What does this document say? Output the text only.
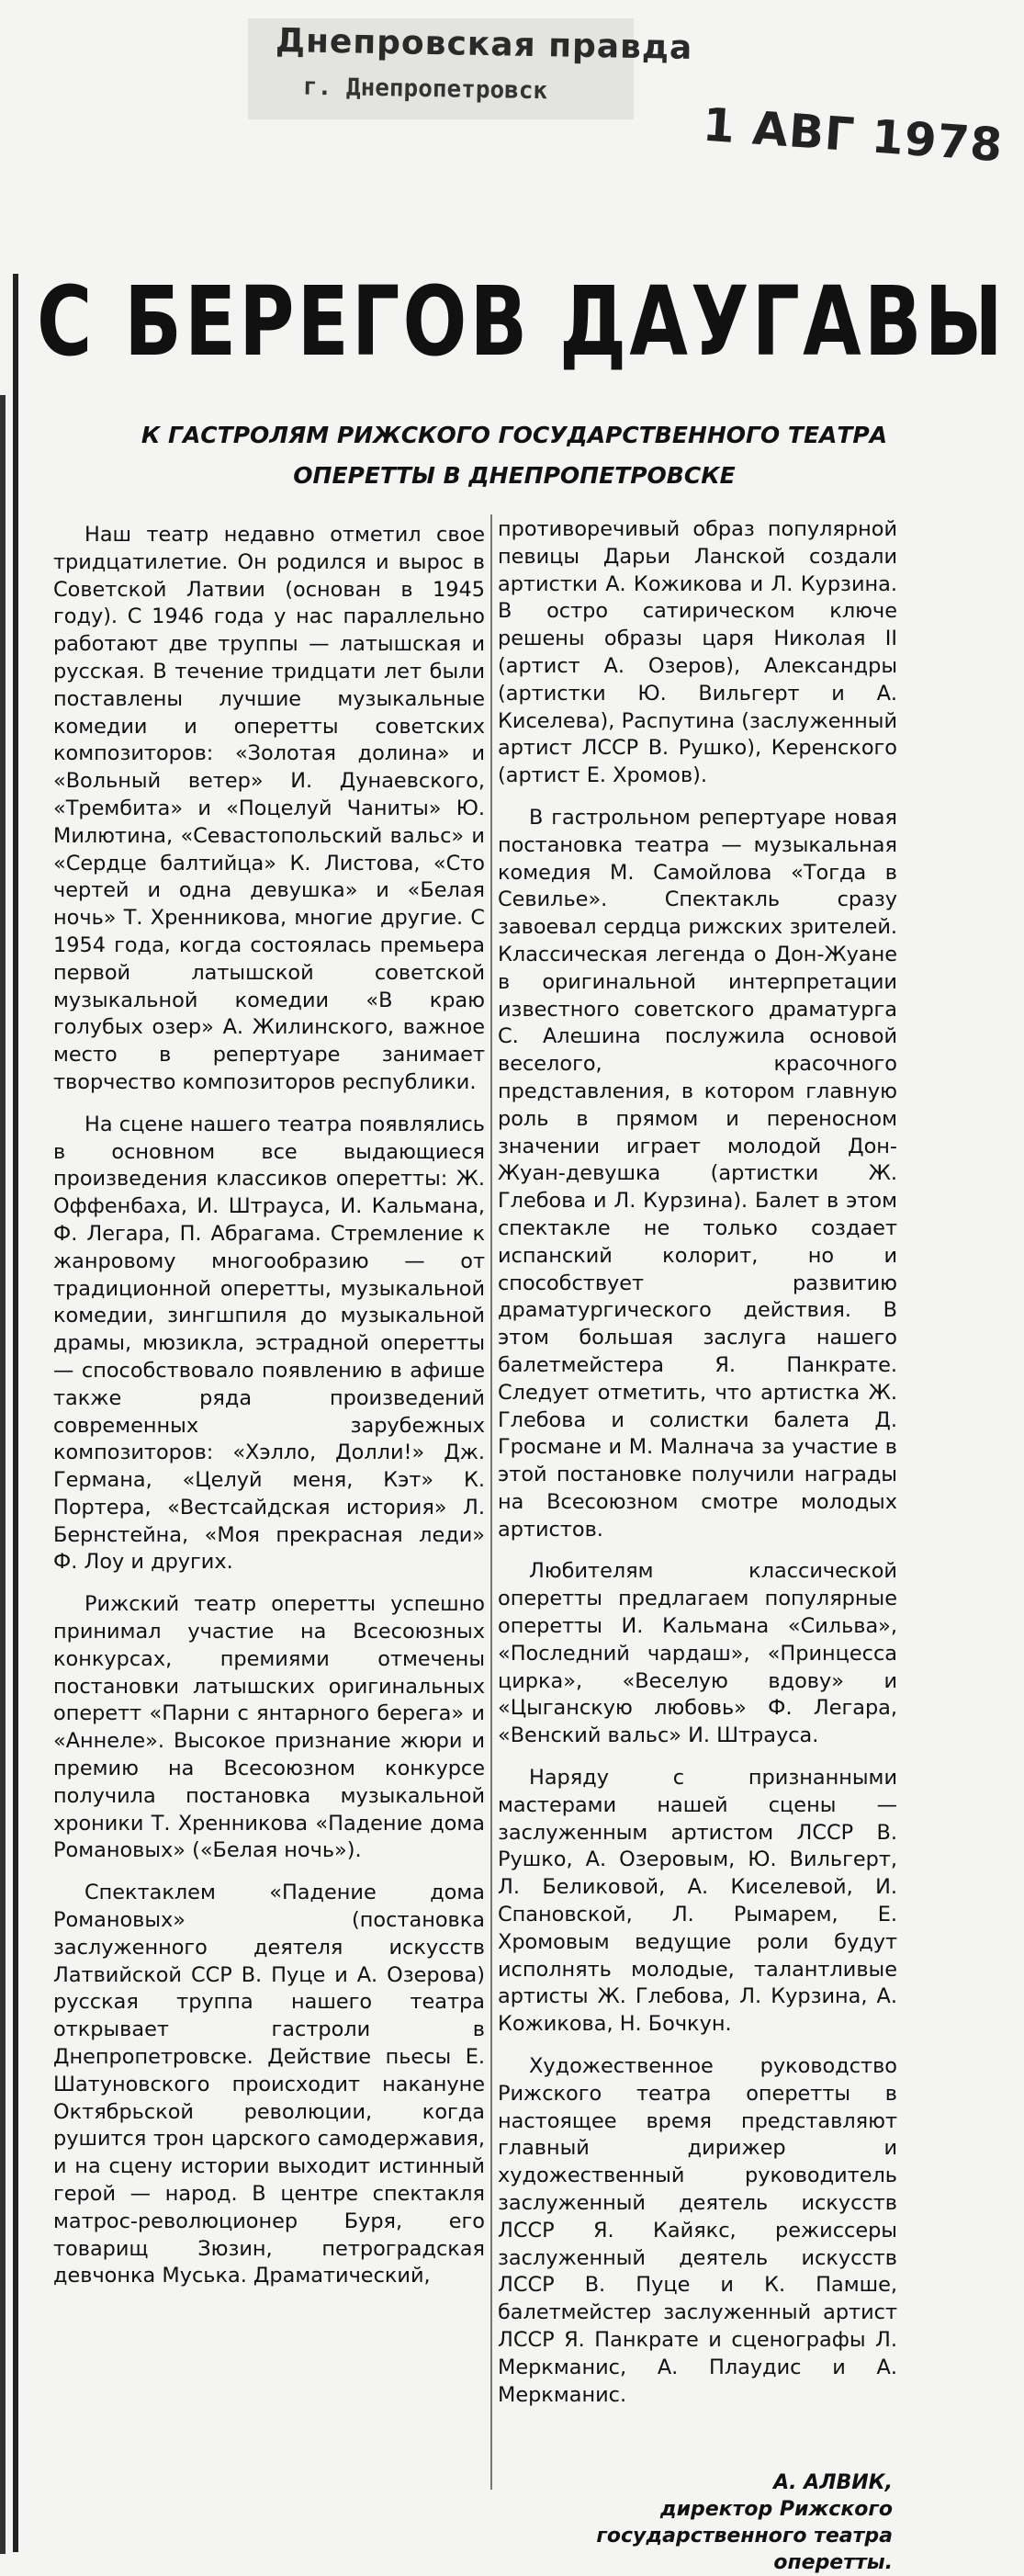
Днепровская правда
г. Днепропетровск
1 АВГ 1978
С БЕРЕГОВ ДАУГАВЫ
К ГАСТРОЛЯМ РИЖСКОГО ГОСУДАРСТВЕННОГО ТЕАТРА
ОПЕРЕТТЫ В ДНЕПРОПЕТРОВСКЕ

Наш театр недавно отметил свое тридцатилетие. Он родился и вырос в Советской Латвии (основан в 1945 году). С 1946 года у нас параллельно работают две труппы — латышская и русская. В течение тридцати лет были поставлены лучшие музыкальные комедии и оперетты советских композиторов: «Золотая долина» и «Вольный ветер» И. Дунаевского, «Трембита» и «Поцелуй Чаниты» Ю. Милютина, «Севастопольский вальс» и «Сердце балтийца» К. Листова, «Сто чертей и одна девушка» и «Белая ночь» Т. Хренникова, многие другие. С 1954 года, когда состоялась премьера первой латышской советской музыкальной комедии «В краю голубых озер» А. Жилинского, важное место в репертуаре занимает творчество композиторов республики.

На сцене нашего театра появлялись в основном все выдающиеся произведения классиков оперетты: Ж. Оффенбаха, И. Штрауса, И. Кальмана, Ф. Легара, П. Абрагама. Стремление к жанровому многообразию — от традиционной оперетты, музыкальной комедии, зингшпиля до музыкальной драмы, мюзикла, эстрадной оперетты — способствовало появлению в афише также ряда произведений современных зарубежных композиторов: «Хэлло, Долли!» Дж. Германа, «Целуй меня, Кэт» К. Портера, «Вестсайдская история» Л. Бернстейна, «Моя прекрасная леди» Ф. Лоу и других.

Рижский театр оперетты успешно принимал участие на Всесоюзных конкурсах, премиями отмечены постановки латышских оригинальных оперетт «Парни с янтарного берега» и «Аннеле». Высокое признание жюри и премию на Всесоюзном конкурсе получила постановка музыкальной хроники Т. Хренникова «Падение дома Романовых» («Белая ночь»).

Спектаклем «Падение дома Романовых» (постановка заслуженного деятеля искусств Латвийской ССР В. Пуце и А. Озерова) русская труппа нашего театра открывает гастроли в Днепропетровске. Действие пьесы Е. Шатуновского происходит накануне Октябрьской революции, когда рушится трон царского самодержавия, и на сцену истории выходит истинный герой — народ. В центре спектакля матрос-революционер Буря, его товарищ Зюзин, петроградская девчонка Муська. Драматический,

противоречивый образ популярной певицы Дарьи Ланской создали артистки А. Кожикова и Л. Курзина. В остро сатирическом ключе решены образы царя Николая II (артист А. Озеров), Александры (артистки Ю. Вильгерт и А. Киселева), Распутина (заслуженный артист ЛССР В. Рушко), Керенского (артист Е. Хромов).

В гастрольном репертуаре новая постановка театра — музыкальная комедия М. Самойлова «Тогда в Севилье». Спектакль сразу завоевал сердца рижских зрителей. Классическая легенда о Дон-Жуане в оригинальной интерпретации известного советского драматурга С. Алешина послужила основой веселого, красочного представления, в котором главную роль в прямом и переносном значении играет молодой Дон-Жуан-девушка (артистки Ж. Глебова и Л. Курзина). Балет в этом спектакле не только создает испанский колорит, но и способствует развитию драматургического действия. В этом большая заслуга нашего балетмейстера Я. Панкрате. Следует отметить, что артистка Ж. Глебова и солистки балета Д. Гросмане и М. Малнача за участие в этой постановке получили награды на Всесоюзном смотре молодых артистов.

Любителям классической оперетты предлагаем популярные оперетты И. Кальмана «Сильва», «Последний чардаш», «Принцесса цирка», «Веселую вдову» и «Цыганскую любовь» Ф. Легара, «Венский вальс» И. Штрауса.

Наряду с признанными мастерами нашей сцены — заслуженным артистом ЛССР В. Рушко, А. Озеровым, Ю. Вильгерт, Л. Беликовой, А. Киселевой, И. Спановской, Л. Рымарем, Е. Хромовым ведущие роли будут исполнять молодые, талантливые артисты Ж. Глебова, Л. Курзина, А. Кожикова, Н. Бочкун.

Художественное руководство Рижского театра оперетты в настоящее время представляют главный дирижер и художественный руководитель заслуженный деятель искусств ЛССР Я. Кайякс, режиссеры заслуженный деятель искусств ЛССР В. Пуце и К. Памше, балетмейстер заслуженный артист ЛССР Я. Панкрате и сценографы Л. Меркманис, А. Плаудис и А. Меркманис.

А. АЛВИК,
директор Рижского государственного театра оперетты.
